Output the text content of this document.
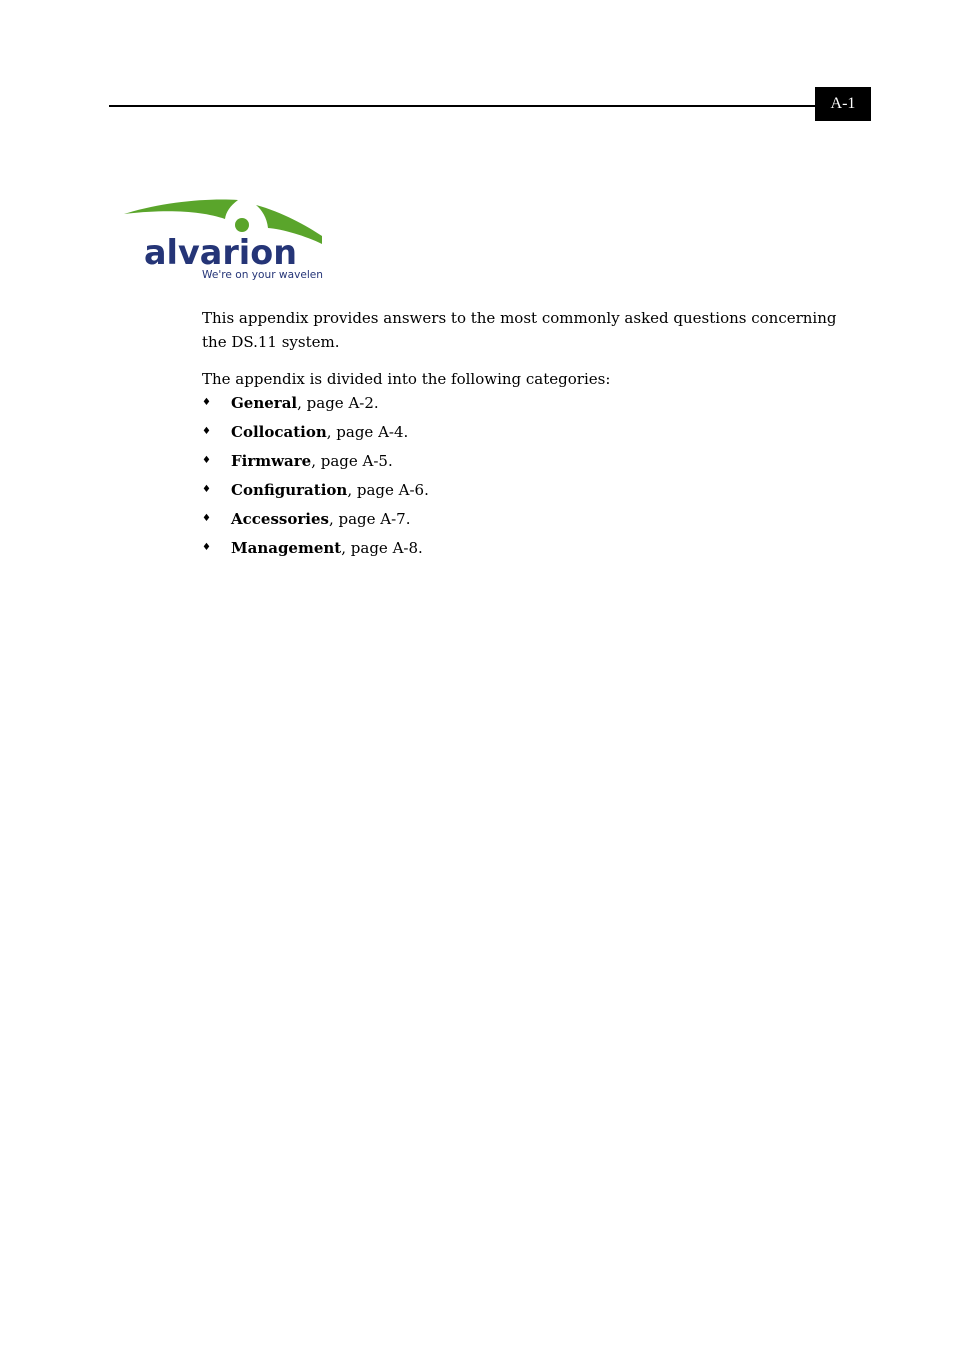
A-1
alvarion
We're on your wavelen

This appendix provides answers to the most commonly asked questions concerning the DS.11 system.

The appendix is divided into the following categories:

♦ General, page A-2.
♦ Collocation, page A-4.
♦ Firmware, page A-5.
♦ Configuration, page A-6.
♦ Accessories, page A-7.
♦ Management, page A-8.
